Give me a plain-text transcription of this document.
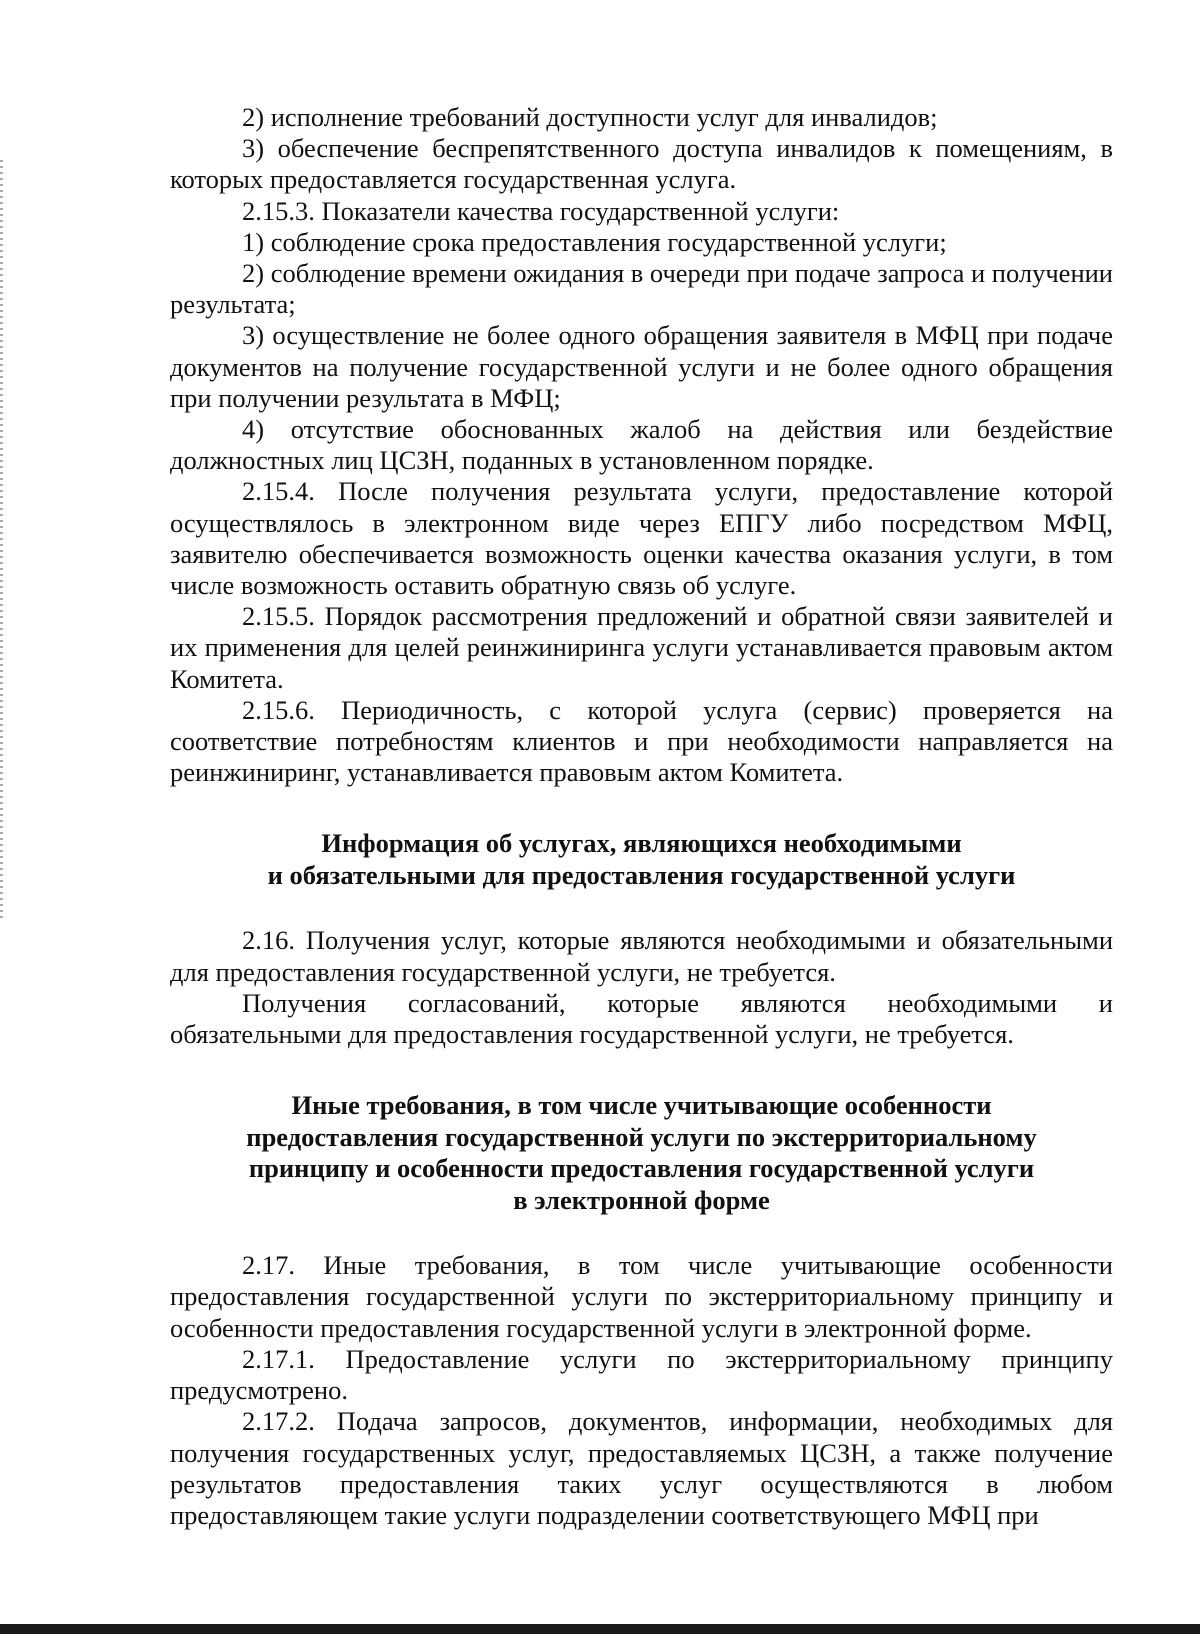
2) исполнение требований доступности услуг для инвалидов;

3) обеспечение беспрепятственного доступа инвалидов к помещениям, в которых предоставляется государственная услуга.

2.15.3. Показатели качества государственной услуги:

1) соблюдение срока предоставления государственной услуги;

2) соблюдение времени ожидания в очереди при подаче запроса и получении результата;

3) осуществление не более одного обращения заявителя в МФЦ при подаче документов на получение государственной услуги и не более одного обращения при получении результата в МФЦ;

4) отсутствие обоснованных жалоб на действия или бездействие должностных лиц ЦСЗН, поданных в установленном порядке.

2.15.4. После получения результата услуги, предоставление которой осуществлялось в электронном виде через ЕПГУ либо посредством МФЦ, заявителю обеспечивается возможность оценки качества оказания услуги, в том числе возможность оставить обратную связь об услуге.

2.15.5. Порядок рассмотрения предложений и обратной связи заявителей и их применения для целей реинжиниринга услуги устанавливается правовым актом Комитета.

2.15.6. Периодичность, с которой услуга (сервис) проверяется на соответствие потребностям клиентов и при необходимости направляется на реинжиниринг, устанавливается правовым актом Комитета.

Информация об услугах, являющихся необходимыми

и обязательными для предоставления государственной услуги

2.16. Получения услуг, которые являются необходимыми и обязательными для предоставления государственной услуги, не требуется.

Получения согласований, которые являются необходимыми и обязательными для предоставления государственной услуги, не требуется.

Иные требования, в том числе учитывающие особенности

предоставления государственной услуги по экстерриториальному

принципу и особенности предоставления государственной услуги

в электронной форме

2.17. Иные требования, в том числе учитывающие особенности предоставления государственной услуги по экстерриториальному принципу и особенности предоставления государственной услуги в электронной форме.

2.17.1. Предоставление услуги по экстерриториальному принципу предусмотрено.

2.17.2. Подача запросов, документов, информации, необходимых для получения государственных услуг, предоставляемых ЦСЗН, а также получение результатов предоставления таких услуг осуществляются в любом предоставляющем такие услуги подразделении соответствующего МФЦ при
